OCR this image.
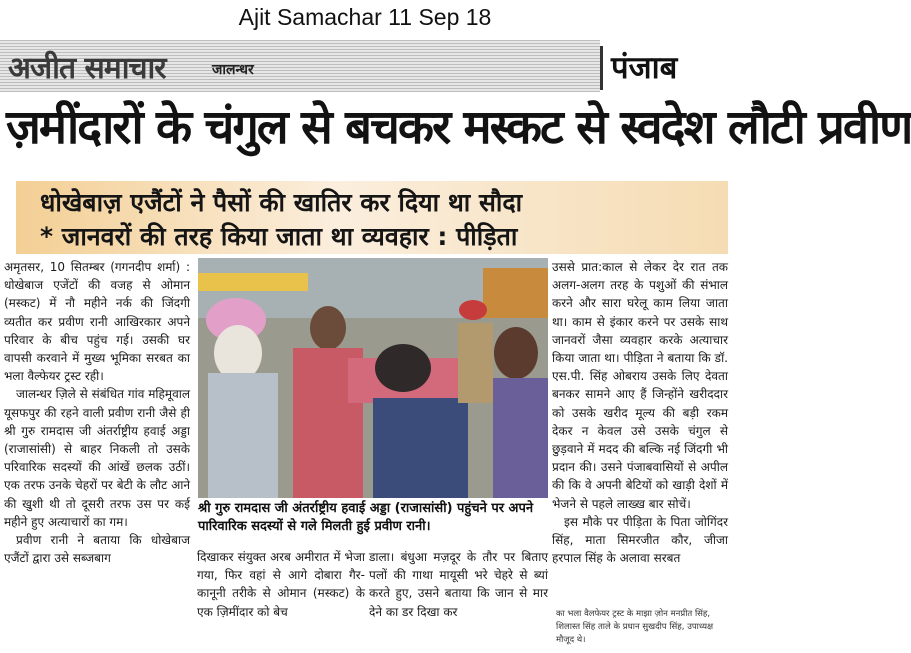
Ajit Samachar 11 Sep 18
अजीत समाचार	जालन्धर	पंजाब
ज़मींदारों के चंगुल से बचकर मस्कट से स्वदेश लौटी प्रवीण
धोखेबाज़ एजैंटों ने पैसों की खातिर कर दिया था सौदा
* जानवरों की तरह किया जाता था व्यवहार : पीड़िता

अमृतसर, 10 सितम्बर (गगनदीप शर्मा) : धोखेबाज एजेंटों की वजह से ओमान (मस्कट) में नौ महीने नर्क की जिंदगी व्यतीत कर प्रवीण रानी आखिरकार अपने परिवार के बीच पहुंच गई। उसकी घर वापसी करवाने में मुख्य भूमिका सरबत का भला वैल्फेयर ट्रस्ट रही।

जालन्धर ज़िले से संबंधित गांव महिमूवाल यूसफपुर की रहने वाली प्रवीण रानी जैसे ही श्री गुरु रामदास जी अंतर्राष्ट्रीय हवाई अड्डा (राजासांसी) से बाहर निकली तो उसके परिवारिक सदस्यों की आंखें छलक उठीं। एक तरफ उनके चेहरों पर बेटी के लौट आने की खुशी थी तो दूसरी तरफ उस पर कई महीने हुए अत्याचारों का गम।

प्रवीण रानी ने बताया कि धोखेबाज एजैंटों द्वारा उसे सब्जबाग

श्री गुरु रामदास जी अंतर्राष्ट्रीय हवाई अड्डा (राजासांसी) पहुंचने पर अपने पारिवारिक सदस्यों से गले मिलती हुई प्रवीण रानी।
दिखाकर संयुक्त अरब अमीरात में भेजा गया, फिर वहां से आगे दोबारा गैर-कानूनी तरीके से ओमान (मस्कट) के एक ज़िमींदार को बेच
डाला। बंधुआ मज़दूर के तौर पर बिताए पलों की गाथा मायूसी भरे चेहरे से ब्यां करते हुए, उसने बताया कि जान से मार देने का डर दिखा कर

उससे प्रात:काल से लेकर देर रात तक अलग-अलग तरह के पशुओं की संभाल करने और सारा घरेलू काम लिया जाता था। काम से इंकार करने पर उसके साथ जानवरों जैसा व्यवहार करके अत्याचार किया जाता था। पीड़िता ने बताया कि डॉ. एस.पी. सिंह ओबराय उसके लिए देवता बनकर सामने आए हैं जिन्होंने खरीददार को उसके खरीद मूल्य की बड़ी रकम देकर न केवल उसे उसके चंगुल से छुड़वाने में मदद की बल्कि नई जिंदगी भी प्रदान की। उसने पंजाबवासियों से अपील की कि वे अपनी बेटियों को खाड़ी देशों में भेजने से पहले लाख्ख बार सोचें।

इस मौके पर पीड़िता के पिता जोगिंदर सिंह, माता सिमरजीत कौर, जीजा हरपाल सिंह के अलावा सरबत

का भला वैलफेयर ट्रस्ट के माझा ज़ोन मनप्रीत सिंह, शिलास्त सिंह ताले के प्रधान सुखदीप सिंह, उपाध्यक्ष मौजूद थे।
